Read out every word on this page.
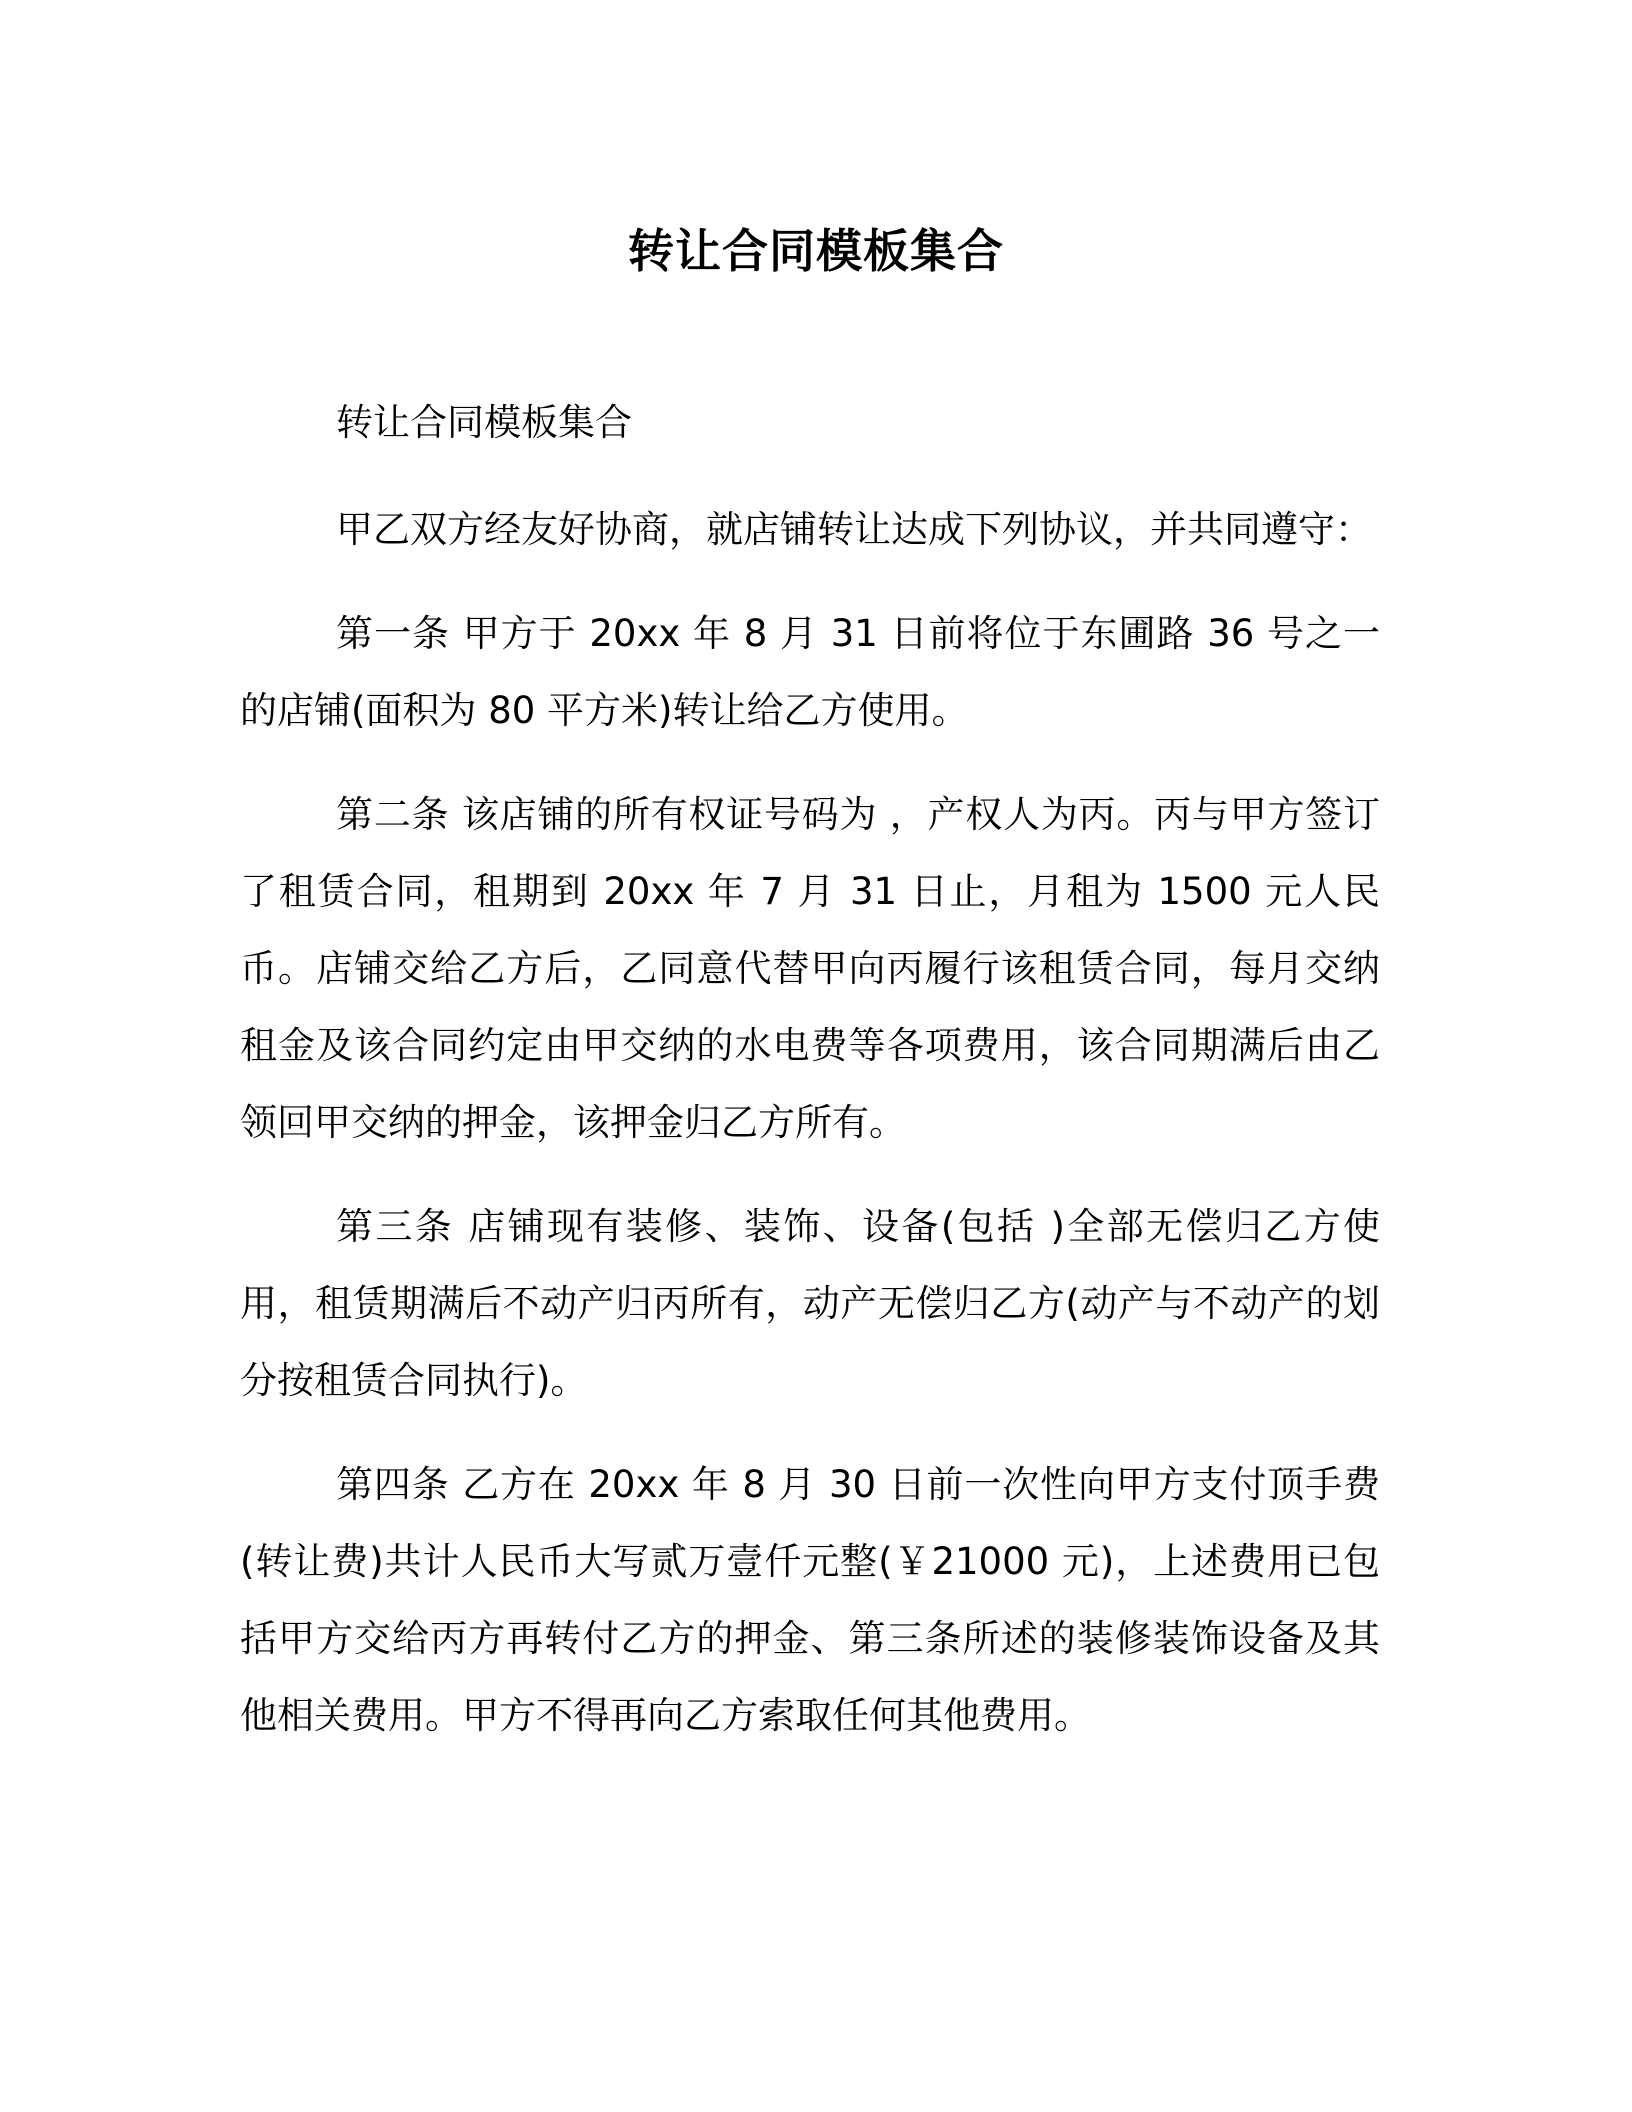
转让合同模板集合
转让合同模板集合

甲乙双方经友好协商，就店铺转让达成下列协议，并共同遵守：

第一条 甲方于 20xx 年 8 月 31 日前将位于东圃路 36 号之一的店铺(面积为 80 平方米)转让给乙方使用。

第二条 该店铺的所有权证号码为 ，产权人为丙。丙与甲方签订了租赁合同，租期到 20xx 年 7 月 31 日止，月租为 1500 元人民币。店铺交给乙方后，乙同意代替甲向丙履行该租赁合同，每月交纳租金及该合同约定由甲交纳的水电费等各项费用，该合同期满后由乙领回甲交纳的押金，该押金归乙方所有。

第三条 店铺现有装修、装饰、设备(包括 )全部无偿归乙方使用，租赁期满后不动产归丙所有，动产无偿归乙方(动产与不动产的划分按租赁合同执行)。

第四条 乙方在 20xx 年 8 月 30 日前一次性向甲方支付顶手费(转让费)共计人民币大写贰万壹仟元整(￥21000 元)，上述费用已包括甲方交给丙方再转付乙方的押金、第三条所述的装修装饰设备及其他相关费用。甲方不得再向乙方索取任何其他费用。
